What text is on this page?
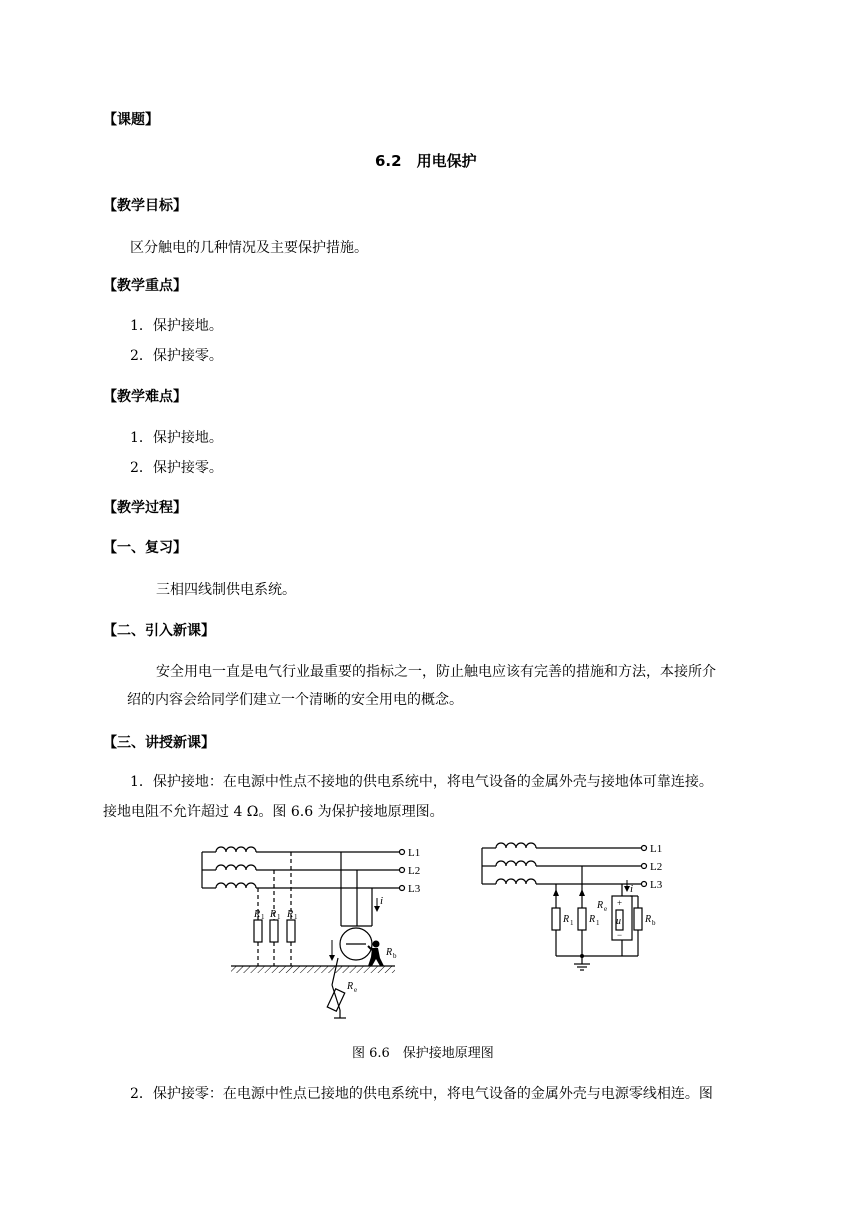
【课题】
6.2　用电保护
【教学目标】
区分触电的几种情况及主要保护措施。
【教学重点】
1．保护接地。
2．保护接零。
【教学难点】
1．保护接地。
2．保护接零。
【教学过程】
【一、复习】
三相四线制供电系统。
【二、引入新课】
安全用电一直是电气行业最重要的指标之一，防止触电应该有完善的措施和方法，本接所介
绍的内容会给同学们建立一个清晰的安全用电的概念。
【三、讲授新课】
1．保护接地：在电源中性点不接地的供电系统中，将电气设备的金属外壳与接地体可靠连接。
接地电阻不允许超过 4 Ω。图 6.6 为保护接地原理图。
L1
L2
L3
i
R 1 R 1 R 1
R b
R e
L1
L2
L3
i
R 1 R 1
R e
+
u
−
R b
图 6.6　保护接地原理图
2．保护接零：在电源中性点已接地的供电系统中，将电气设备的金属外壳与电源零线相连。图
